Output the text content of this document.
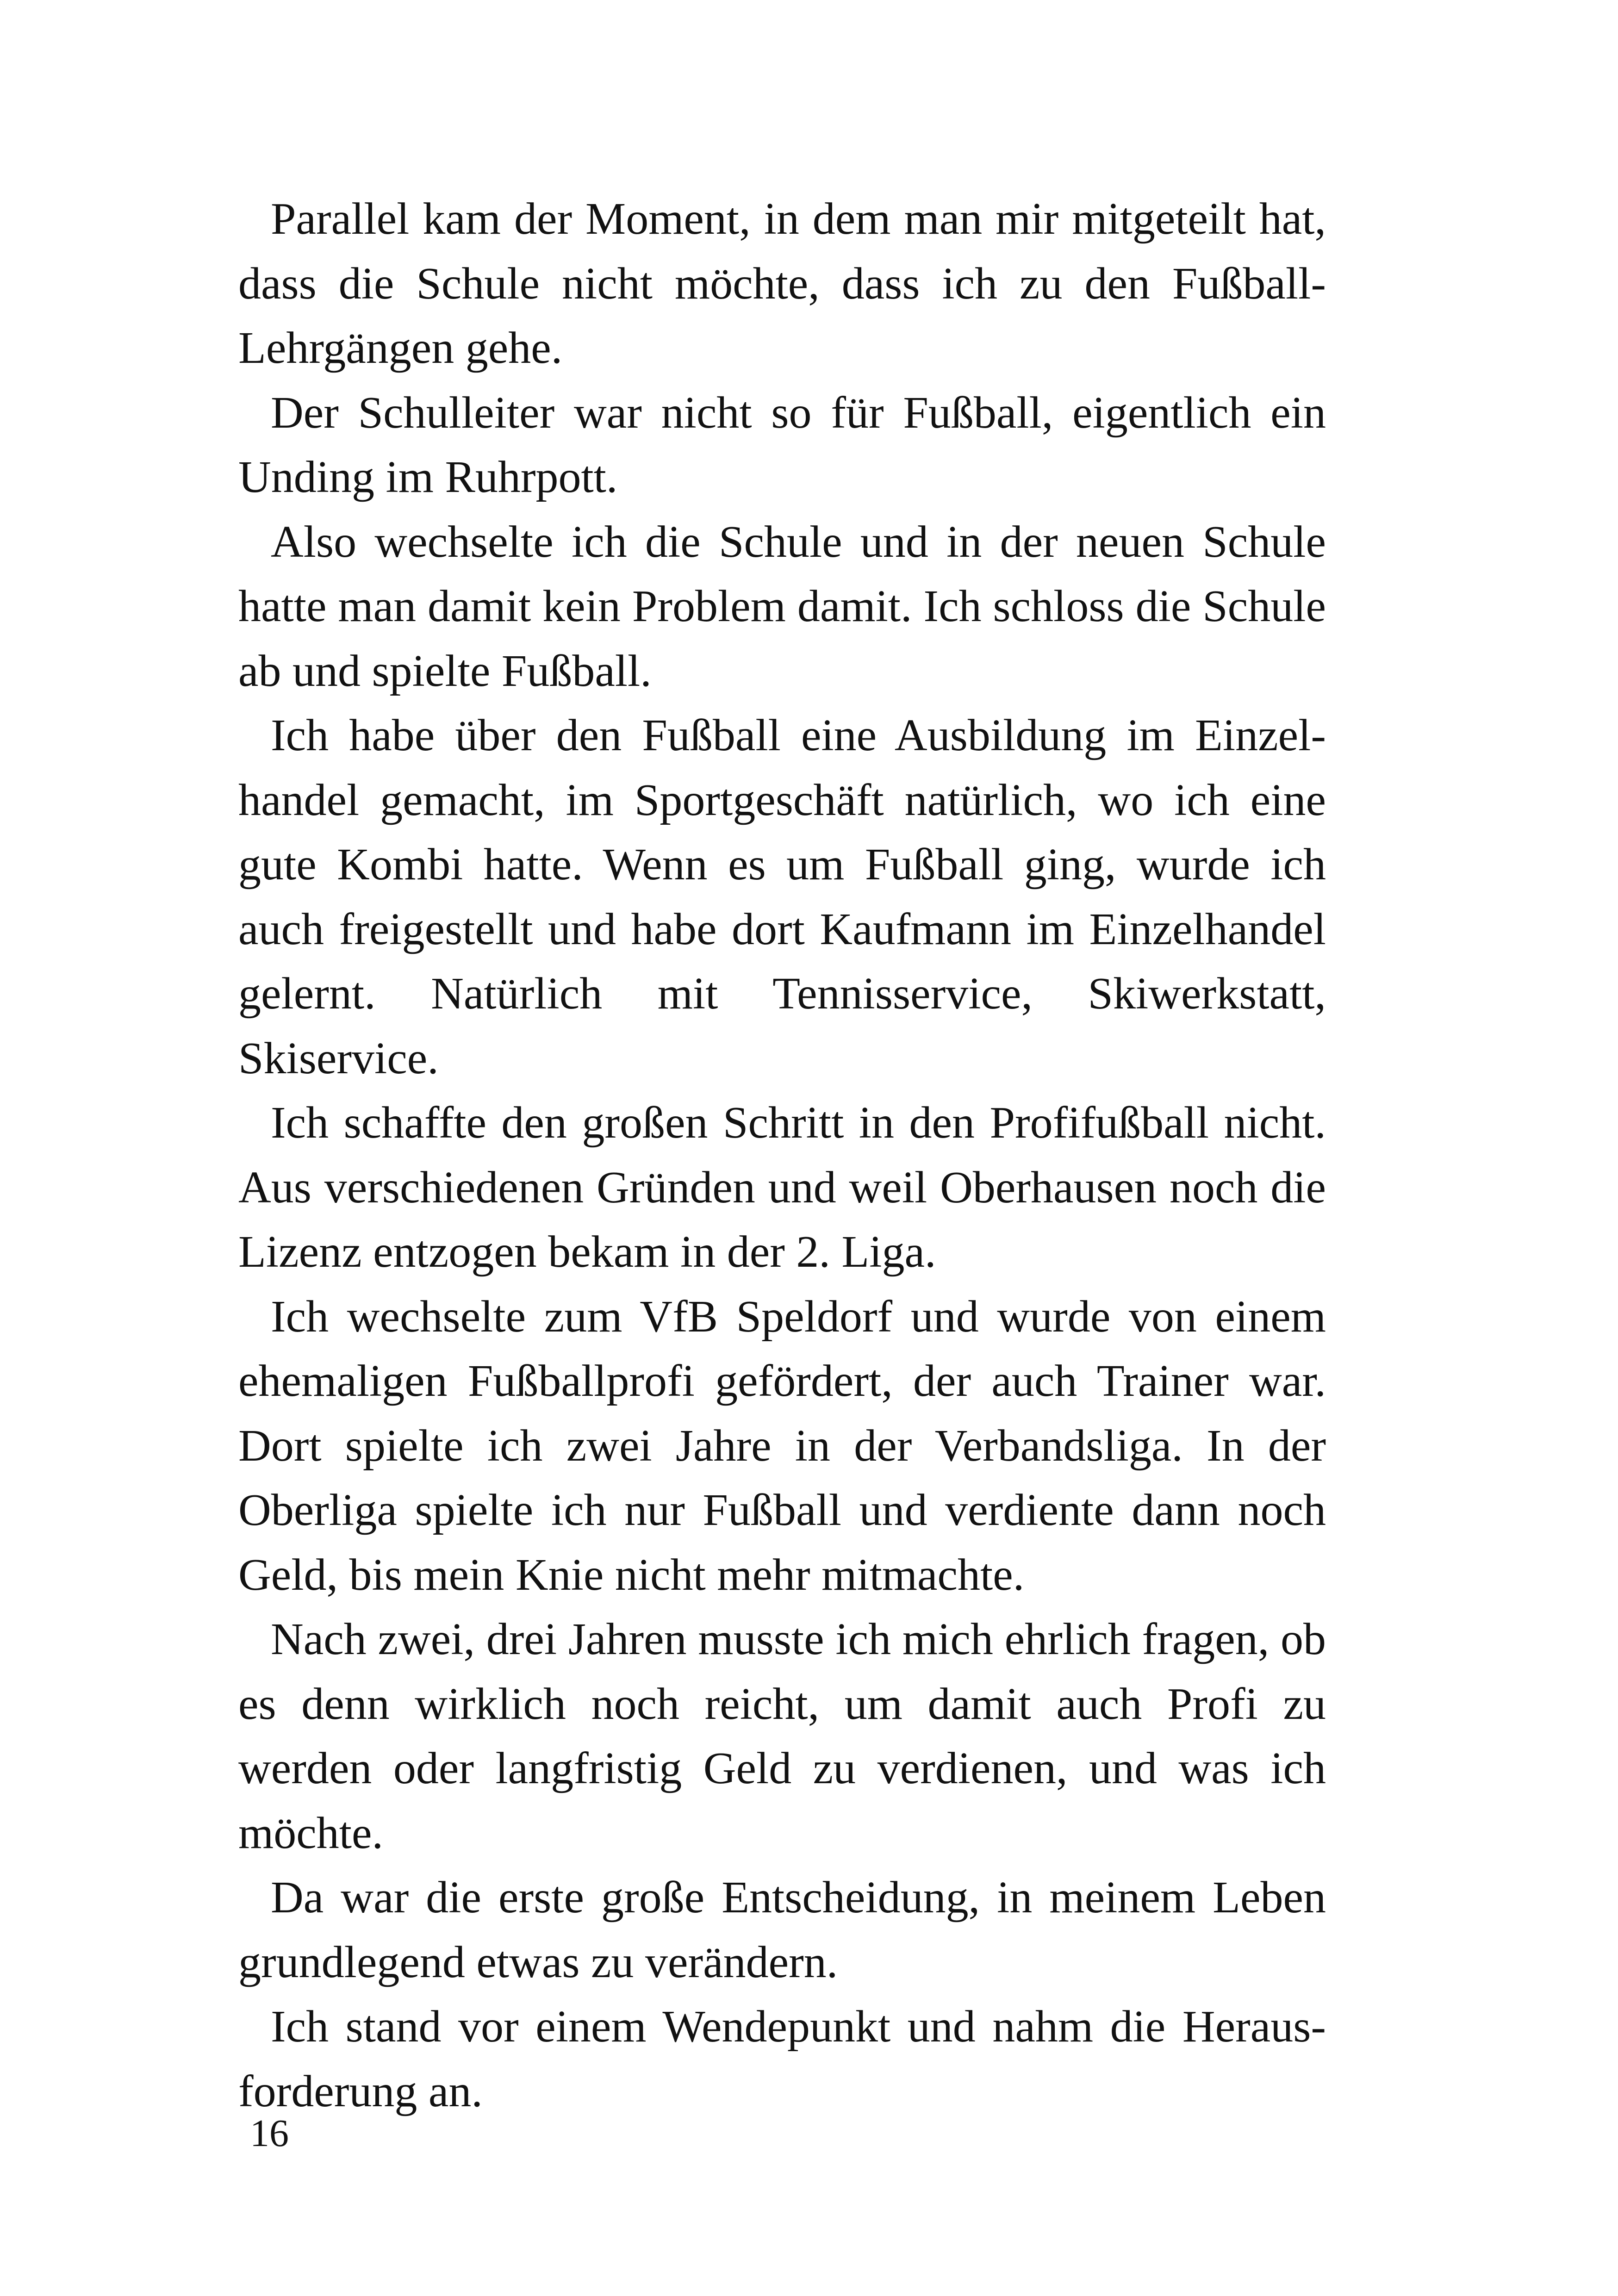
Parallel kam der Moment, in dem man mir mitgeteilt hat, dass die Schule nicht möchte, dass ich zu den FußballLehrgängen gehe.

Der Schulleiter war nicht so für Fußball, eigentlich ein Unding im Ruhrpott.

Also wechselte ich die Schule und in der neuen Schule hatte man damit kein Problem damit. Ich schloss die Schule ab und spielte Fußball.

Ich habe über den Fußball eine Ausbildung im Einzelhandel gemacht, im Sportgeschäft natürlich, wo ich eine gute Kombi hatte. Wenn es um Fußball ging, wurde ich auch freigestellt und habe dort Kaufmann im Einzelhandel gelernt. Natürlich mit Tennisservice, Skiwerkstatt, Skiservice.

Ich schaffte den großen Schritt in den Profifußball nicht. Aus verschiedenen Gründen und weil Oberhausen noch die Lizenz entzogen bekam in der 2. Liga.

Ich wechselte zum VfB Speldorf und wurde von einem ehemaligen Fußballprofi gefördert, der auch Trainer war. Dort spielte ich zwei Jahre in der Verbandsliga. In der Oberliga spielte ich nur Fußball und verdiente dann noch Geld, bis mein Knie nicht mehr mitmachte.

Nach zwei, drei Jahren musste ich mich ehrlich fragen, ob es denn wirklich noch reicht, um damit auch Profi zu werden oder langfristig Geld zu verdienen, und was ich möchte.

Da war die erste große Entscheidung, in meinem Leben grundlegend etwas zu verändern.

Ich stand vor einem Wendepunkt und nahm die Herausforderung an.

16
